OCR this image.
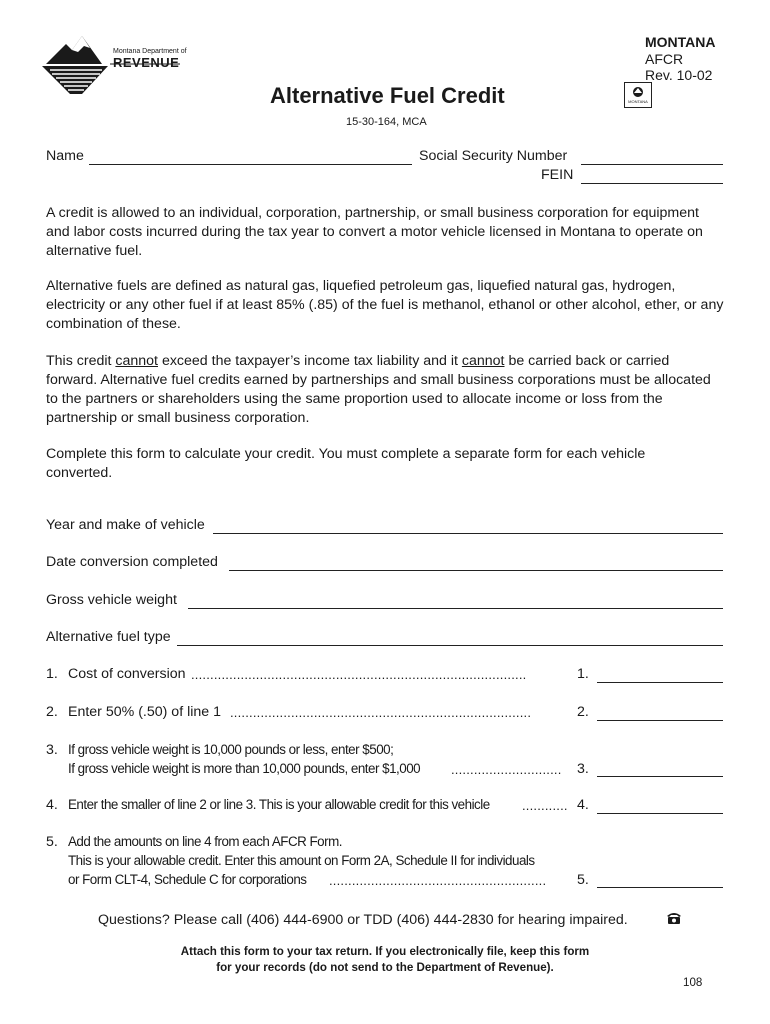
Montana Department of
REVENUE
MONTANA
AFCR
Rev. 10-02
Alternative Fuel Credit
15-30-164, MCA
MONTANA
Name	Social Security Number
FEIN
A credit is allowed to an individual, corporation, partnership, or small business corporation for equipment
and labor costs incurred during the tax year to convert a motor vehicle licensed in Montana to operate on
alternative fuel.
Alternative fuels are defined as natural gas, liquefied petroleum gas, liquefied natural gas, hydrogen,
electricity or any other fuel if at least 85% (.85) of the fuel is methanol, ethanol or other alcohol, ether, or any
combination of these.
This credit cannot exceed the taxpayer’s income tax liability and it cannot be carried back or carried
forward. Alternative fuel credits earned by partnerships and small business corporations must be allocated
to the partners or shareholders using the same proportion used to allocate income or loss from the
partnership or small business corporation.
Complete this form to calculate your credit. You must complete a separate form for each vehicle
converted.
Year and make of vehicle
Date conversion completed
Gross vehicle weight
Alternative fuel type
1. Cost of conversion ........................................................................................	1.
2. Enter 50% (.50) of line 1 ...............................................................................	2.
3. If gross vehicle weight is 10,000 pounds or less, enter $500;
If gross vehicle weight is more than 10,000 pounds, enter $1,000 .............................	3.
4. Enter the smaller of line 2 or line 3. This is your allowable credit for this vehicle ............ 4.
5. Add the amounts on line 4 from each AFCR Form.
This is your allowable credit. Enter this amount on Form 2A, Schedule II for individuals
or Form CLT-4, Schedule C for corporations .........................................................	5.
Questions? Please call (406) 444-6900 or TDD (406) 444-2830 for hearing impaired.
Attach this form to your tax return. If you electronically file, keep this form
for your records (do not send to the Department of Revenue).
108
